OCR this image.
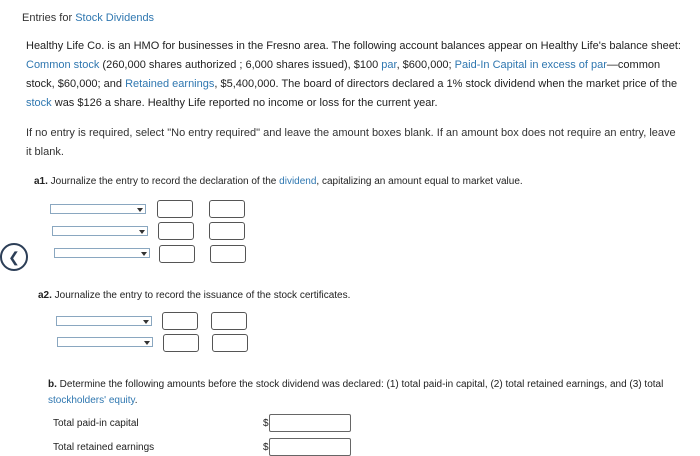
Entries for Stock Dividends
Healthy Life Co. is an HMO for businesses in the Fresno area. The following account balances appear on Healthy Life's balance sheet: Common stock (260,000 shares authorized ; 6,000 shares issued), $100 par, $600,000; Paid-In Capital in excess of par—common stock, $60,000; and Retained earnings, $5,400,000. The board of directors declared a 1% stock dividend when the market price of the stock was $126 a share. Healthy Life reported no income or loss for the current year.
If no entry is required, select "No entry required" and leave the amount boxes blank. If an amount box does not require an entry, leave it blank.
a1. Journalize the entry to record the declaration of the dividend, capitalizing an amount equal to market value.
❮
a2. Journalize the entry to record the issuance of the stock certificates.
b. Determine the following amounts before the stock dividend was declared: (1) total paid-in capital, (2) total retained earnings, and (3) total stockholders' equity.
Total paid-in capital	$
Total retained earnings	$
